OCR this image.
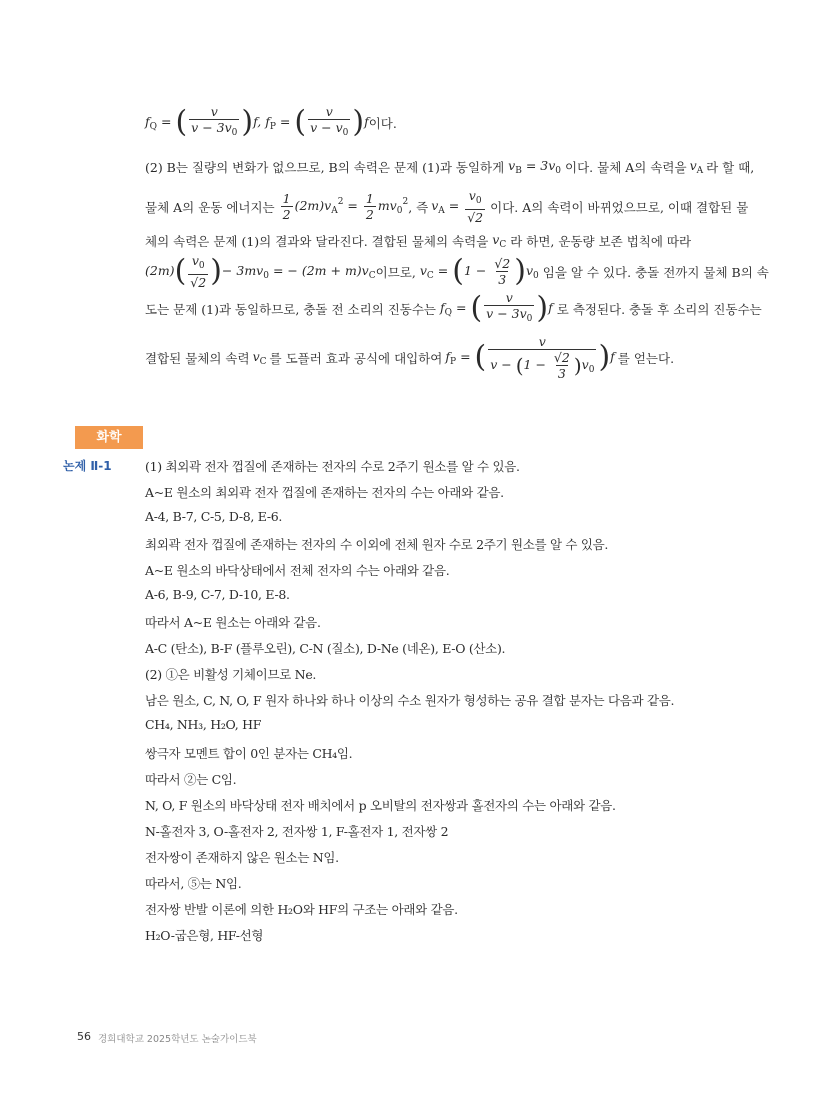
$f_Q$ = ( $\frac{v}{v - 3v_0} )f$, $f_P$ = ( $\frac{v}{v - v_0} )f$ 이다.
(2) B는 질량의 변화가 없으므로, B의 속력은 문제 (1)과 동일하게 $v_B = 3v_0$ 이다. 물체 A의 속력을 $v_A$ 라 할 때,
물체 A의 운동 에너지는 $\frac{1}{2} (2m)v_A^2 = \frac{1}{2} mv_0^2$ , 즉 $v_A = \frac{v_0}{√2}$ 이다. A의 속력이 바뀌었으므로, 이때 결합된 물
체의 속력은 문제 (1)의 결과와 달라진다. 결합된 물체의 속력을 $v_C$ 라 하면, 운동량 보존 법칙에 따라
$(2m)( \frac{v_0}{√2}$ )− $3mv_0$ = − $(2m + m)v_C$ 이므로, $v_C = (1 - \frac{√2}{3} )v_0$ 임을 알 수 있다. 충돌 전까지 물체 B의 속
도는 문제 (1)과 동일하므로, 충돌 전 소리의 진동수는 $f_Q$ = ( $\frac{v}{v - 3v_0} )f$ 로 측정된다. 충돌 후 소리의 진동수는
결합된 물체의 속력 $v_C$ 를 도플러 효과 공식에 대입하여 $f_P$ = ( $\frac{v}{v - (1 - \frac{√2}{3} )v_0} )f$ 를 얻는다.
화학
논제 Ⅱ-1	(1) 최외곽 전자 껍질에 존재하는 전자의 수로 2주기 원소를 알 수 있음.
A~E 원소의 최외곽 전자 껍질에 존재하는 전자의 수는 아래와 같음.
A-4, B-7, C-5, D-8, E-6.
최외곽 전자 껍질에 존재하는 전자의 수 이외에 전체 원자 수로 2주기 원소를 알 수 있음.
A~E 원소의 바닥상태에서 전체 전자의 수는 아래와 같음.
A-6, B-9, C-7, D-10, E-8.
따라서 A~E 원소는 아래와 같음.
A-C (탄소), B-F (플루오린), C-N (질소), D-Ne (네온), E-O (산소).
(2) ①은 비활성 기체이므로 Ne.
남은 원소, C, N, O, F 원자 하나와 하나 이상의 수소 원자가 형성하는 공유 결합 분자는 다음과 같음.
CH₄, NH₃, H₂O, HF
쌍극자 모멘트 합이 0인 분자는 CH₄임.
따라서 ②는 C임.
N, O, F 원소의 바닥상태 전자 배치에서 p 오비탈의 전자쌍과 홀전자의 수는 아래와 같음.
N-홀전자 3, O-홀전자 2, 전자쌍 1, F-홀전자 1, 전자쌍 2
전자쌍이 존재하지 않은 원소는 N임.
따라서, ⑤는 N임.
전자쌍 반발 이론에 의한 H₂O와 HF의 구조는 아래와 같음.
H₂O-굽은형, HF-선형
56 경희대학교 2025학년도 논술가이드북
